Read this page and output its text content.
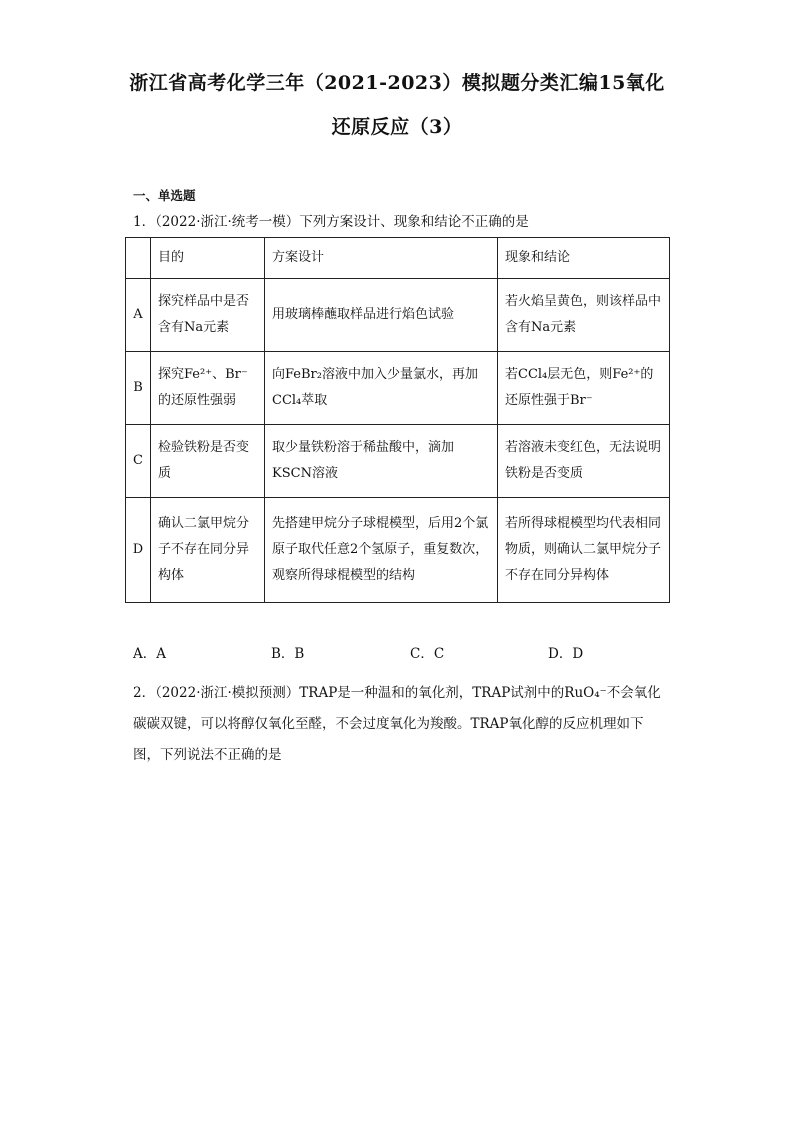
浙江省高考化学三年（2021-2023）模拟题分类汇编15氧化
还原反应（3）
一、单选题
1．（2022·浙江·统考一模）下列方案设计、现象和结论不正确的是
	目的	方案设计	现象和结论
A	探究样品中是否含有Na元素	用玻璃棒蘸取样品进行焰色试验	若火焰呈黄色，则该样品中含有Na元素
B	探究Fe²⁺、Br⁻的还原性强弱	向FeBr₂溶液中加入少量氯水，再加CCl₄萃取	若CCl₄层无色，则Fe²⁺的还原性强于Br⁻
C	检验铁粉是否变质	取少量铁粉溶于稀盐酸中，滴加KSCN溶液	若溶液未变红色，无法说明铁粉是否变质
D	确认二氯甲烷分子不存在同分异构体	先搭建甲烷分子球棍模型，后用2个氯原子取代任意2个氢原子，重复数次，观察所得球棍模型的结构	若所得球棍模型均代表相同物质，则确认二氯甲烷分子不存在同分异构体
A．A	B．B	C．C	D．D
2．（2022·浙江·模拟预测）TRAP是一种温和的氧化剂，TRAP试剂中的RuO₄⁻不会氧化碳碳双键，可以将醇仅氧化至醛，不会过度氧化为羧酸。TRAP氧化醇的反应机理如下图，下列说法不正确的是
